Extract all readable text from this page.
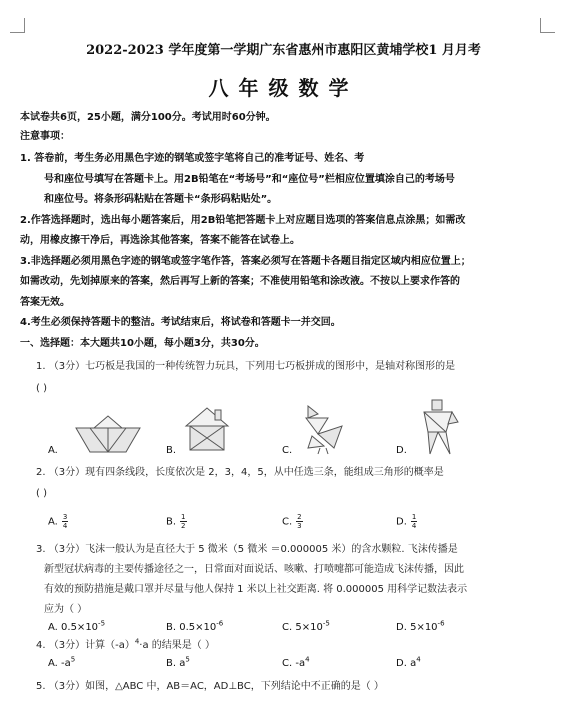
2022-2023 学年度第一学期广东省惠州市惠阳区黄埔学校1 月月考
八年级数学
本试卷共6页，25小题，满分100分。考试用时60分钟。
注意事项：
1. 答卷前，考生务必用黑色字迹的钢笔或签字笔将自己的准考证号、姓名、考
号和座位号填写在答题卡上。用2B铅笔在“考场号”和“座位号”栏相应位置填涂自己的考场号
和座位号。将条形码粘贴在答题卡“条形码粘贴处”。
2.作答选择题时，选出每小题答案后，用2B铅笔把答题卡上对应题目选项的答案信息点涂黑；如需改
动，用橡皮擦干净后，再选涂其他答案，答案不能答在试卷上。
3.非选择题必须用黑色字迹的钢笔或签字笔作答，答案必须写在答题卡各题目指定区域内相应位置上；
如需改动，先划掉原来的答案，然后再写上新的答案；不准使用铅笔和涂改液。不按以上要求作答的
答案无效。
4.考生必须保持答题卡的整洁。考试结束后，将试卷和答题卡一并交回。
一、选择题：本大题共10小题，每小题3分，共30分。
1. （3分）七巧板是我国的一种传统智力玩具，下列用七巧板拼成的图形中，是轴对称图形的是
( )
A.	B.	C.	D.
2. （3分）现有四条线段，长度依次是 2，3，4，5，从中任选三条，能组成三角形的概率是
( )
A. $\frac{3}{4}$	B. $\frac{1}{2}$	C. $\frac{2}{3}$	D. $\frac{1}{4}$
3. （3分）飞沫一般认为是直径大于 5 微米（5 微米 ＝0.000005 米）的含水颗粒. 飞沫传播是
新型冠状病毒的主要传播途径之一，日常面对面说话、咳嗽、打喷嚏都可能造成飞沫传播，因此
有效的预防措施是戴口罩并尽量与他人保持 1 米以上社交距离. 将 0.000005 用科学记数法表示
应为（ ）
A. $0.5\times 10^{-5}$	B. $0.5\times 10^{-6}$	C. $5\times 10^{-5}$	D. $5\times 10^{-6}$
4. （3分）计算$(-a)^4\cdot a$ 的结果是（ ）
A. $-a^5$	B. $a^5$	C. $-a^4$	D. $a^4$
5. （3分）如图，△ABC 中，AB＝AC，AD⊥BC，下列结论中不正确的是（ ）
